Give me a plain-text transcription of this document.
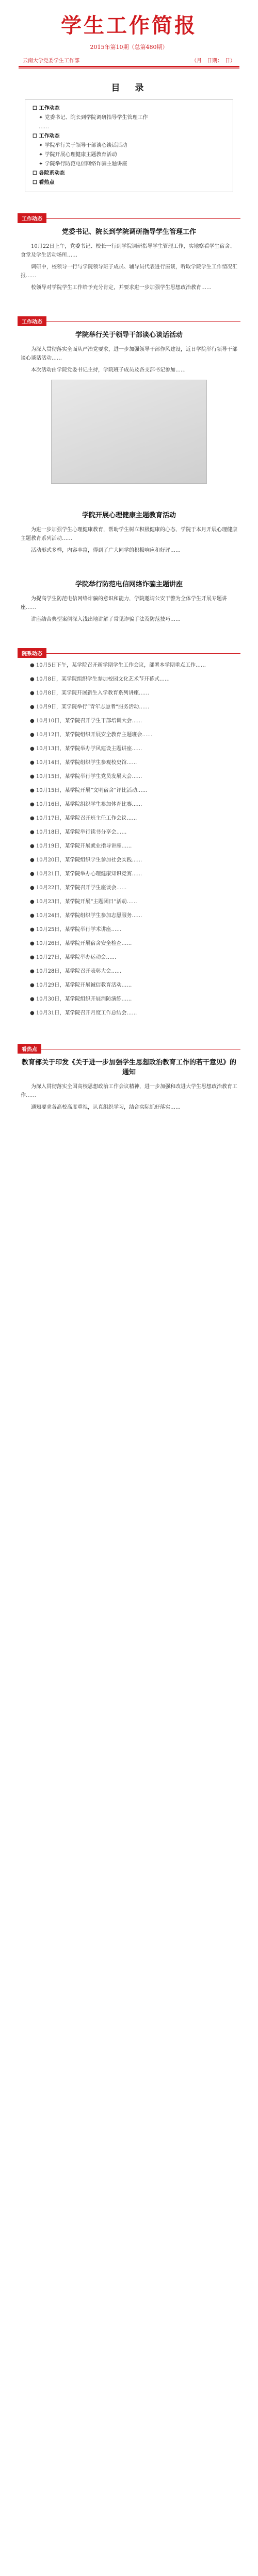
学生工作简报
2015年第10期（总第480期）
云南大学党委学生工作部	（月　日期：　日）
目　录
☐ 工作动态
✦ 党委书记、院长到学院调研指导学生管理工作
……
☐ 工作动态
✦ 学院举行关于领导干部谈心谈话活动
✦ 学院开展心理健康主题教育活动
✦ 学院举行防范电信网络诈骗主题讲座
☐ 各院系动态
☐ 看热点
工作动态
党委书记、院长到学院调研指导学生管理工作

10月22日上午，党委书记、校长一行到学院调研指导学生管理工作，实地察看学生宿舍、食堂及学生活动场所……

调研中，校领导一行与学院领导班子成员、辅导员代表进行座谈，听取学院学生工作情况汇报……

校领导对学院学生工作给予充分肯定，并要求进一步加强学生思想政治教育……

工作动态
学院举行关于领导干部谈心谈话活动

为深入贯彻落实全面从严治党要求，进一步加强领导干部作风建设，近日学院举行领导干部谈心谈话活动……

本次活动由学院党委书记主持，学院班子成员及各支部书记参加……

学院开展心理健康主题教育活动

为进一步加强学生心理健康教育，帮助学生树立积极健康的心态，学院于本月开展心理健康主题教育系列活动……

活动形式多样，内容丰富，得到了广大同学的积极响应和好评……

学院举行防范电信网络诈骗主题讲座

为提高学生防范电信网络诈骗的意识和能力，学院邀请公安干警为全体学生开展专题讲座……

讲座结合典型案例深入浅出地讲解了常见诈骗手法及防范技巧……

院系动态
● 10月5日下午，某学院召开新学期学生工作会议，部署本学期重点工作……
● 10月8日，某学院组织学生参加校园文化艺术节开幕式……
● 10月8日，某学院开展新生入学教育系列讲座……
● 10月9日，某学院举行“青年志愿者”服务活动……
● 10月10日，某学院召开学生干部培训大会……
● 10月12日，某学院组织开展安全教育主题班会……
● 10月13日，某学院举办学风建设主题讲座……
● 10月14日，某学院组织学生参观校史馆……
● 10月15日，某学院举行学生党员发展大会……
● 10月15日，某学院开展“文明宿舍”评比活动……
● 10月16日，某学院组织学生参加体育比赛……
● 10月17日，某学院召开班主任工作会议……
● 10月18日，某学院举行读书分享会……
● 10月19日，某学院开展就业指导讲座……
● 10月20日，某学院组织学生参加社会实践……
● 10月21日，某学院举办心理健康知识竞赛……
● 10月22日，某学院召开学生座谈会……
● 10月23日，某学院开展“主题团日”活动……
● 10月24日，某学院组织学生参加志愿服务……
● 10月25日，某学院举行学术讲座……
● 10月26日，某学院开展宿舍安全检查……
● 10月27日，某学院举办运动会……
● 10月28日，某学院召开表彰大会……
● 10月29日，某学院开展诚信教育活动……
● 10月30日，某学院组织开展消防演练……
● 10月31日，某学院召开月度工作总结会……
看热点
教育部关于印发《关于进一步加强学生思想政治教育工作的若干意见》的通知

为深入贯彻落实全国高校思想政治工作会议精神，进一步加强和改进大学生思想政治教育工作……

通知要求各高校高度重视，认真组织学习，结合实际抓好落实……
